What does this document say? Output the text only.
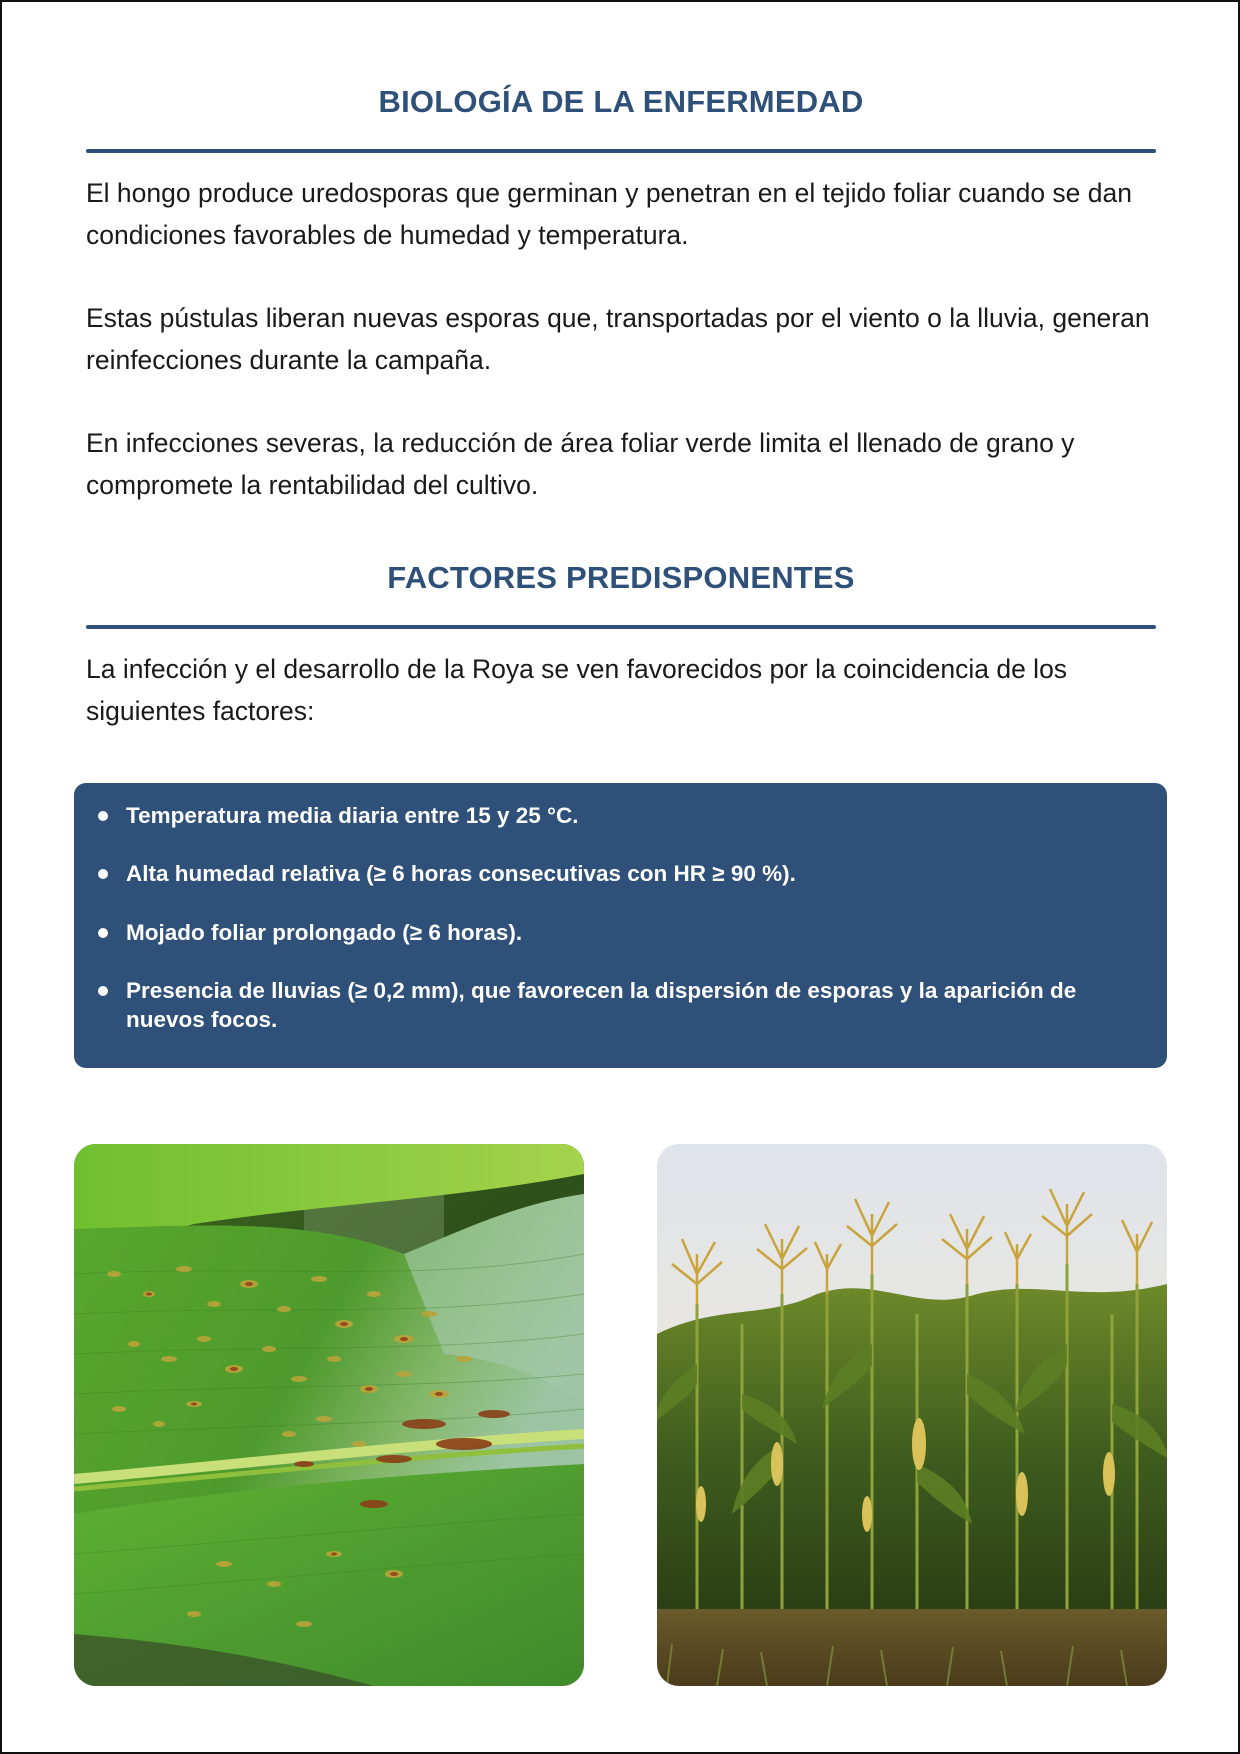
BIOLOGÍA DE LA ENFERMEDAD

El hongo produce uredosporas que germinan y penetran en el tejido foliar cuando se dan condiciones favorables de humedad y temperatura.

Estas pústulas liberan nuevas esporas que, transportadas por el viento o la lluvia, generan reinfecciones durante la campaña.

En infecciones severas, la reducción de área foliar verde limita el llenado de grano y compromete la rentabilidad del cultivo.

FACTORES PREDISPONENTES

La infección y el desarrollo de la Roya se ven favorecidos por la coincidencia de los siguientes factores:

Temperatura media diaria entre 15 y 25 °C.
Alta humedad relativa (≥ 6 horas consecutivas con HR ≥ 90 %).
Mojado foliar prolongado (≥ 6 horas).
Presencia de lluvias (≥ 0,2 mm), que favorecen la dispersión de esporas y la aparición de nuevos focos.
